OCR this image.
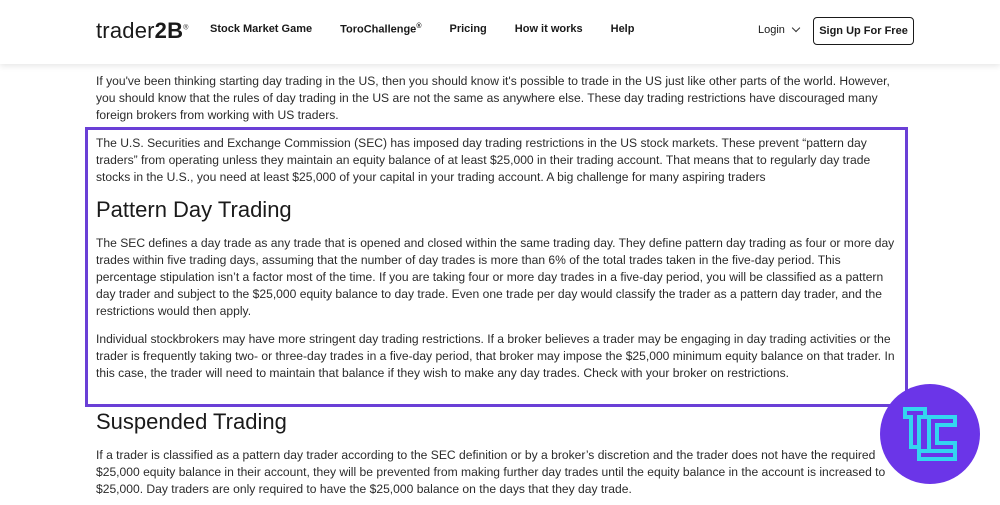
trader2B® Stock Market Game	ToroChallenge®	Pricing	How it works	Help	Login	Sign Up For Free

If you've been thinking starting day trading in the US, then you should know it's possible to trade in the US just like other parts of the world. However, you should know that the rules of day trading in the US are not the same as anywhere else. These day trading restrictions have discouraged many foreign brokers from working with US traders.

The U.S. Securities and Exchange Commission (SEC) has imposed day trading restrictions in the US stock markets. These prevent “pattern day traders” from operating unless they maintain an equity balance of at least $25,000 in their trading account. That means that to regularly day trade stocks in the U.S., you need at least $25,000 of your capital in your trading account. A big challenge for many aspiring traders

Pattern Day Trading

The SEC defines a day trade as any trade that is opened and closed within the same trading day. They define pattern day trading as four or more day trades within five trading days, assuming that the number of day trades is more than 6% of the total trades taken in the five-day period. This percentage stipulation isn’t a factor most of the time. If you are taking four or more day trades in a five-day period, you will be classified as a pattern day trader and subject to the $25,000 equity balance to day trade. Even one trade per day would classify the trader as a pattern day trader, and the restrictions would then apply.

Individual stockbrokers may have more stringent day trading restrictions. If a broker believes a trader may be engaging in day trading activities or the trader is frequently taking two- or three-day trades in a five-day period, that broker may impose the $25,000 minimum equity balance on that trader. In this case, the trader will need to maintain that balance if they wish to make any day trades. Check with your broker on restrictions.

Suspended Trading

If a trader is classified as a pattern day trader according to the SEC definition or by a broker’s discretion and the trader does not have the required $25,000 equity balance in their account, they will be prevented from making further day trades until the equity balance in the account is increased to $25,000. Day traders are only required to have the $25,000 balance on the days that they day trade.
